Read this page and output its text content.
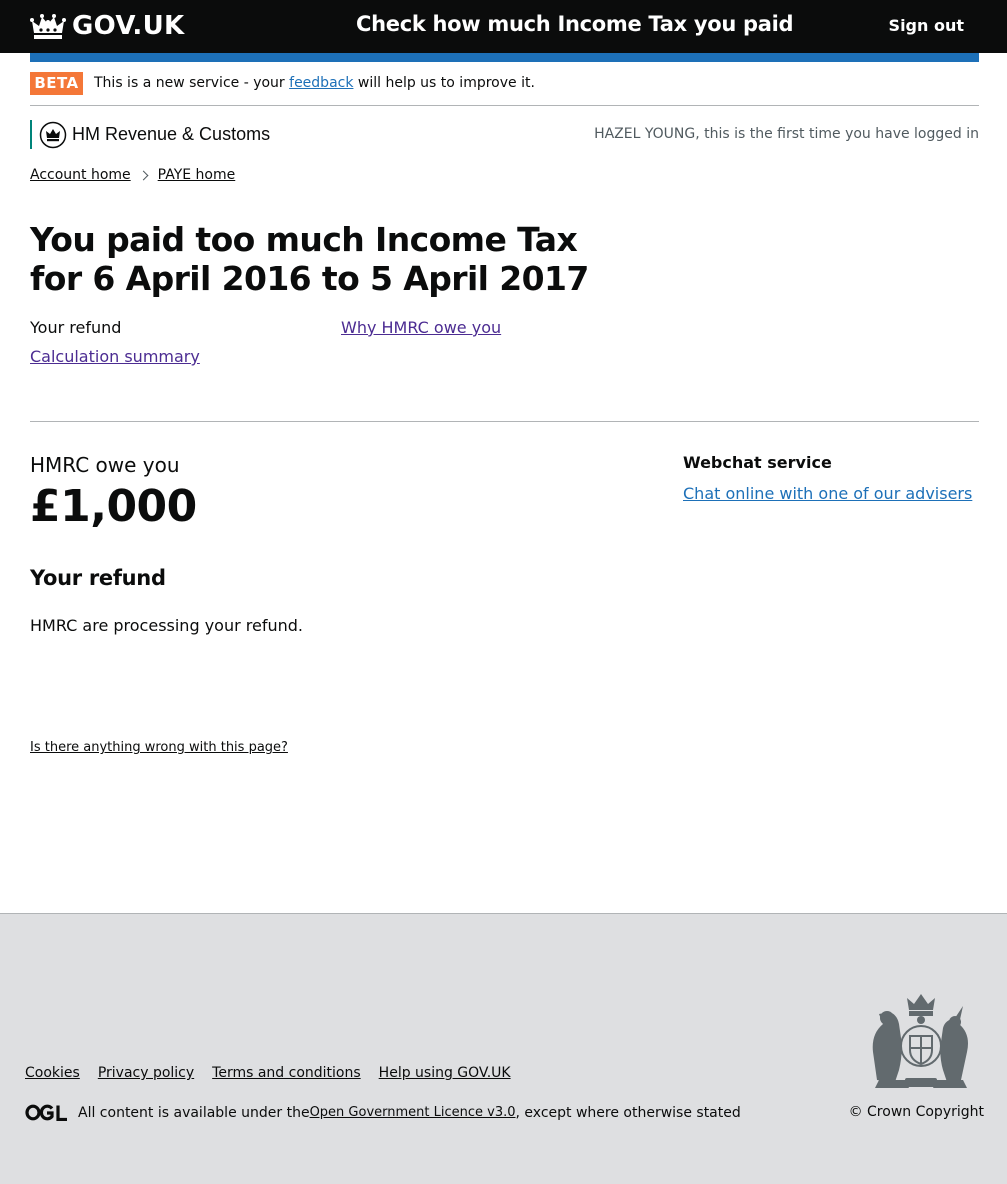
GOV.UK	Check how much Income Tax you paid	Sign out
BETA	This is a new service - your feedback will help us to improve it.
HM Revenue & Customs	HAZEL YOUNG, this is the first time you have logged in
Account home PAYE home
You paid too much Income Tax for 6 April 2016 to 5 April 2017
Your refund	Why HMRC owe you
Calculation summary
HMRC owe you
£1,000
Your refund

HMRC are processing your refund.

Webchat service
Chat online with one of our advisers
Is there anything wrong with this page?
Cookies Privacy policy Terms and conditions Help using GOV.UK
All content is available under the Open Government Licence v3.0 , except where otherwise stated	© Crown Copyright
